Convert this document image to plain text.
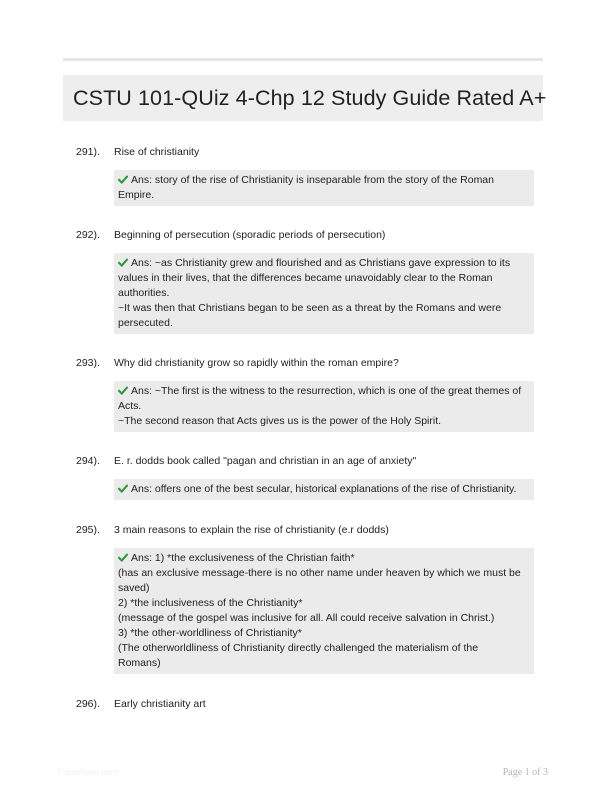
CSTU 101-QUiz 4-Chp 12 Study Guide Rated A+
291). Rise of christianity
Ans: story of the rise of Christianity is inseparable from the story of the Roman
Empire.
292). Beginning of persecution (sporadic periods of persecution)
Ans: ~as Christianity grew and flourished and as Christians gave expression to its
values in their lives, that the differences became unavoidably clear to the Roman
authorities.
~It was then that Christians began to be seen as a threat by the Romans and were
persecuted.
293). Why did christianity grow so rapidly within the roman empire?
Ans: ~The first is the witness to the resurrection, which is one of the great themes of
Acts.
~The second reason that Acts gives us is the power of the Holy Spirit.
294). E. r. dodds book called "pagan and christian in an age of anxiety"
Ans: offers one of the best secular, historical explanations of the rise of Christianity.
295). 3 main reasons to explain the rise of christianity (e.r dodds)
Ans: 1) *the exclusiveness of the Christian faith*
(has an exclusive message-there is no other name under heaven by which we must be
saved)
2) *the inclusiveness of the Christianity*
(message of the gospel was inclusive for all. All could receive salvation in Christ.)
3) *the other-worldliness of Christianity*
(The otherworldliness of Christianity directly challenged the materialism of the
Romans)
296). Early christianity art
Paperfolio.com	Page 1 of 3
